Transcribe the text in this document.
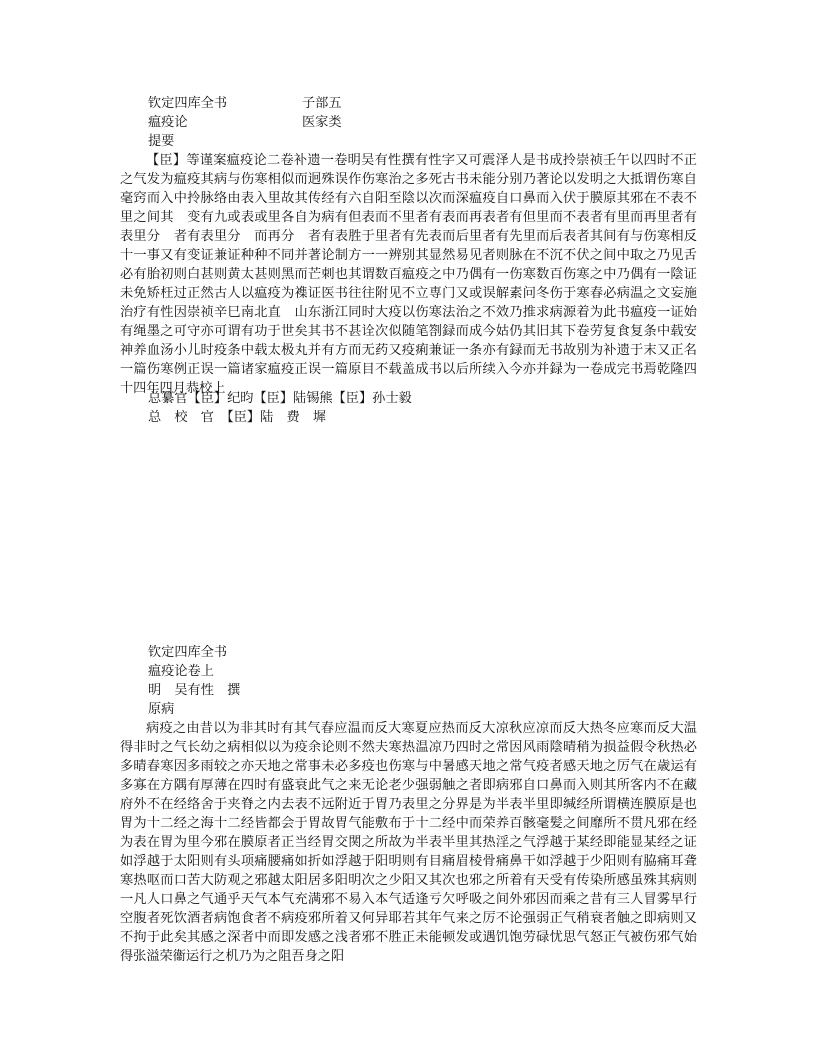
钦定四库全书	子部五
瘟疫论	医家类
提要
【臣】等谨案瘟疫论二卷补遗一卷明吴有性撰有性字又可震泽人是书成拎崇祯壬午以四时不正之气发为瘟疫其病与伤寒相似而迥殊误作伤寒治之多死古书未能分别乃著论以发明之大抵谓伤寒自毫窍而入中拎脉络由表入里故其传经有六自阳至陰以次而深瘟疫自口鼻而入伏于膜原其邪在不表不里之间其　变有九或表或里各自为病有但表而不里者有表而再表者有但里而不表者有里而再里者有表里分　者有表里分　而再分　者有表胜于里者有先表而后里者有先里而后表者其间有与伤寒相反十一事又有变证兼证种种不同并著论制方一一辨别其显然易见者则脉在不沉不伏之间中取之乃见舌必有胎初则白甚则黄太甚则黑而芒刺也其谓数百瘟疫之中乃偶有一伤寒数百伤寒之中乃偶有一陰证未免矫枉过正然古人以瘟疫为襍证医书往往附见不立専门又或误解素问冬伤于寒春必病温之文妄施治疗有性因崇祯辛巳南北直　山东浙江同时大疫以伤寒法治之不效乃推求病源着为此书瘟疫一证始有绳墨之可守亦可谓有功于世矣其书不甚诠次似随笔劄録而成今姑仍其旧其下卷劳复食复条中载安神养血汤小儿时疫条中载太极丸并有方而无药又疫痢兼证一条亦有録而无书故别为补遗于末又正名一篇伤寒例正误一篇诸家瘟疫正误一篇原目不载盖成书以后所续入今亦并録为一卷成完书焉乾隆四十四年四月恭校上
总纂官【臣】纪昀【臣】陆锡熊【臣】孙士毅
总　校　官　【臣】陆　费　墀
钦定四库全书
瘟疫论卷上
明　吴有性　撰
原病
病疫之由昔以为非其时有其气春应温而反大寒夏应热而反大凉秋应凉而反大热冬应寒而反大温得非时之气长幼之病相似以为疫余论则不然夫寒热温凉乃四时之常因风雨陰晴稍为损益假令秋热必多晴春寒因多雨较之亦天地之常事未必多疫也伤寒与中暑感天地之常气疫者感天地之厉气在歳运有多寡在方隅有厚薄在四时有盛衰此气之来无论老少强弱触之者即病邪自口鼻而入则其所客内不在藏府外不在经络舍于夹脊之内去表不远附近于胃乃表里之分界是为半表半里即缄经所谓横连膜原是也胃为十二经之海十二经皆都会于胃故胃气能敷布于十二经中而荣养百骸毫髪之间靡所不贯凡邪在经为表在胃为里今邪在膜原者正当经胃交関之所故为半表半里其热淫之气浮越于某经即能显某经之证如浮越于太阳则有头项痛腰痛如折如浮越于阳明则有目痛眉棱骨痛鼻干如浮越于少阳则有脇痛耳聋寒热呕而口苦大防观之邪越太阳居多阳明次之少阳又其次也邪之所着有天受有传染所感虽殊其病则一凡人口鼻之气通乎天气本气充满邪不易入本气适逢亏欠呼吸之间外邪因而乘之昔有三人冒雾早行空腹者死饮酒者病饱食者不病疫邪所着又何异耶若其年气来之厉不论强弱正气稍衰者触之即病则又不拘于此矣其感之深者中而即发感之浅者邪不胜正未能顿发或遇饥饱劳碌忧思气怒正气被伤邪气始得张溢荣衞运行之机乃为之阻吾身之阳
